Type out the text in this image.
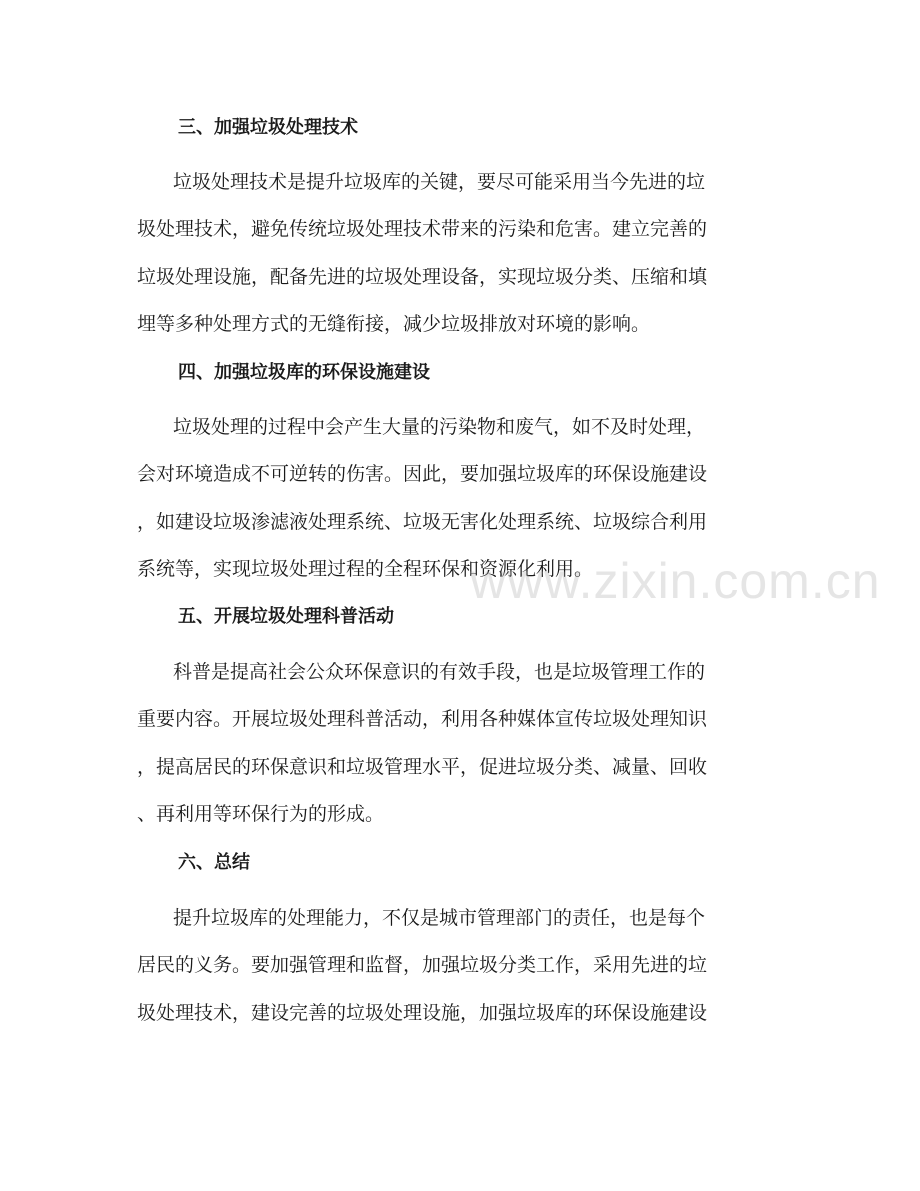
三、加强垃圾处理技术
垃圾处理技术是提升垃圾库的关键，要尽可能采用当今先进的垃
圾处理技术，避免传统垃圾处理技术带来的污染和危害。建立完善的
垃圾处理设施，配备先进的垃圾处理设备，实现垃圾分类、压缩和填
埋等多种处理方式的无缝衔接，减少垃圾排放对环境的影响。
四、加强垃圾库的环保设施建设
垃圾处理的过程中会产生大量的污染物和废气，如不及时处理，
会对环境造成不可逆转的伤害。因此，要加强垃圾库的环保设施建设
，如建设垃圾渗滤液处理系统、垃圾无害化处理系统、垃圾综合利用
系统等，实现垃圾处理过程的全程环保和资源化利用。
五、开展垃圾处理科普活动
科普是提高社会公众环保意识的有效手段，也是垃圾管理工作的
重要内容。开展垃圾处理科普活动，利用各种媒体宣传垃圾处理知识
，提高居民的环保意识和垃圾管理水平，促进垃圾分类、减量、回收
、再利用等环保行为的形成。
六、总结
提升垃圾库的处理能力，不仅是城市管理部门的责任，也是每个
居民的义务。要加强管理和监督，加强垃圾分类工作，采用先进的垃
圾处理技术，建设完善的垃圾处理设施，加强垃圾库的环保设施建设
www.zixin.com.cn
